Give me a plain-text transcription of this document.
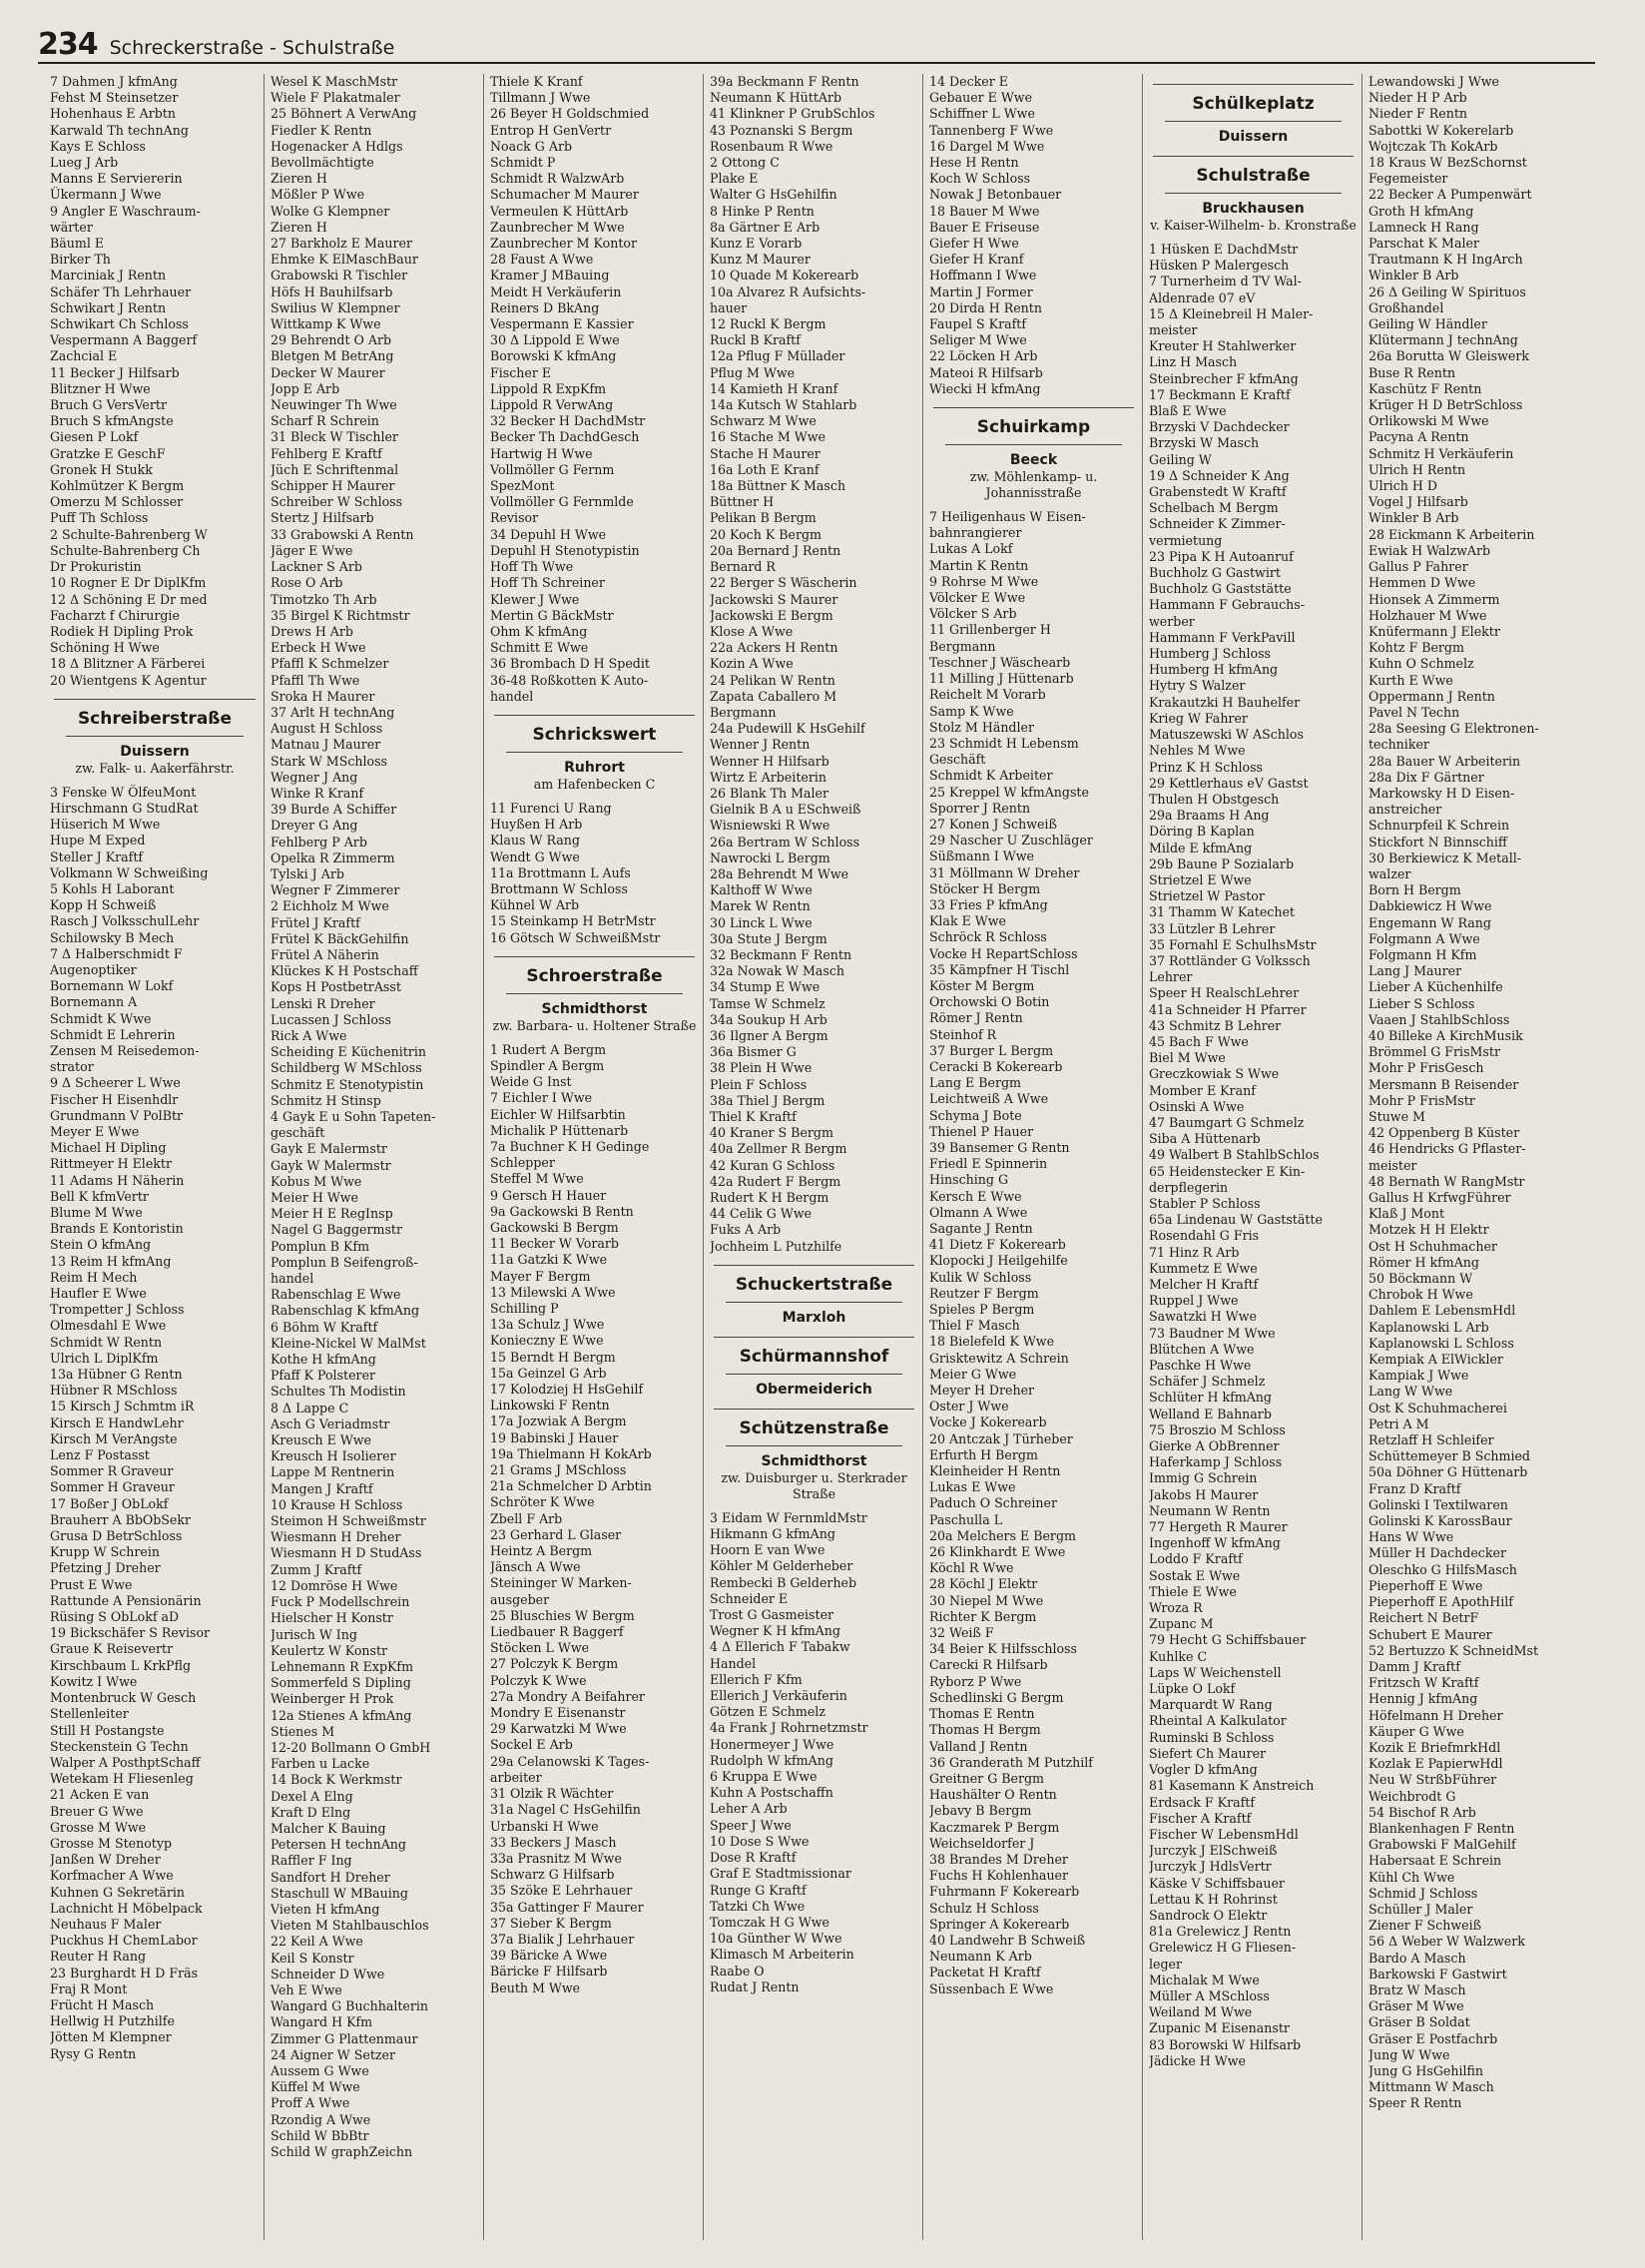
234 Schreckerstraße - Schulstraße
7 Dahmen J kfmAng
Fehst M Steinsetzer
Hohenhaus E Arbtn
Karwald Th technAng
Kays E Schloss
Lueg J Arb
Manns E Serviererin
Ükermann J Wwe
9 Angler E Waschraum-
wärter
Bäuml E
Birker Th
Marciniak J Rentn
Schäfer Th Lehrhauer
Schwikart J Rentn
Schwikart Ch Schloss
Vespermann A Baggerf
Zachcial E
11 Becker J Hilfsarb
Blitzner H Wwe
Bruch G VersVertr
Bruch S kfmAngste
Giesen P Lokf
Gratzke E GeschF
Gronek H Stukk
Kohlmützer K Bergm
Omerzu M Schlosser
Puff Th Schloss
2 Schulte-Bahrenberg W
Schulte-Bahrenberg Ch
Dr Prokuristin
10 Rogner E Dr DiplKfm
12 Δ Schöning E Dr med
Facharzt f Chirurgie
Rodiek H Dipling Prok
Schöning H Wwe
18 Δ Blitzner A Färberei
20 Wientgens K Agentur
Schreiberstraße
Duissern
zw. Falk- u. Aakerfährstr.
3 Fenske W ÖlfeuMont
Hirschmann G StudRat
Hüserich M Wwe
Hupe M Exped
Steller J Kraftf
Volkmann W Schweißing
5 Kohls H Laborant
Kopp H Schweiß
Rasch J VolksschulLehr
Schilowsky B Mech
7 Δ Halberschmidt F
Augenoptiker
Bornemann W Lokf
Bornemann A
Schmidt K Wwe
Schmidt E Lehrerin
Zensen M Reisedemon-
strator
9 Δ Scheerer L Wwe
Fischer H Eisenhdlr
Grundmann V PolBtr
Meyer E Wwe
Michael H Dipling
Rittmeyer H Elektr
11 Adams H Näherin
Bell K kfmVertr
Blume M Wwe
Brands E Kontoristin
Stein O kfmAng
13 Reim H kfmAng
Reim H Mech
Haufler E Wwe
Trompetter J Schloss
Olmesdahl E Wwe
Schmidt W Rentn
Ulrich L DiplKfm
13a Hübner G Rentn
Hübner R MSchloss
15 Kirsch J Schmtm iR
Kirsch E HandwLehr
Kirsch M VerAngste
Lenz F Postasst
Sommer R Graveur
Sommer H Graveur
17 Boßer J ObLokf
Brauherr A BbObSekr
Grusa D BetrSchloss
Krupp W Schrein
Pfetzing J Dreher
Prust E Wwe
Rattunde A Pensionärin
Rüsing S ObLokf aD
19 Bickschäfer S Revisor
Graue K Reisevertr
Kirschbaum L KrkPflg
Kowitz I Wwe
Montenbruck W Gesch
Stellenleiter
Still H Postangste
Steckenstein G Techn
Walper A PosthptSchaff
Wetekam H Fliesenleg
21 Acken E van
Breuer G Wwe
Grosse M Wwe
Grosse M Stenotyp
Janßen W Dreher
Korfmacher A Wwe
Kuhnen G Sekretärin
Lachnicht H Möbelpack
Neuhaus F Maler
Puckhus H ChemLabor
Reuter H Rang
23 Burghardt H D Fräs
Fraj R Mont
Frücht H Masch
Hellwig H Putzhilfe
Jötten M Klempner
Rysy G Rentn
Wesel K MaschMstr
Wiele F Plakatmaler
25 Böhnert A VerwAng
Fiedler K Rentn
Hogenacker A Hdlgs
Bevollmächtigte
Zieren H
Mößler P Wwe
Wolke G Klempner
Zieren H
27 Barkholz E Maurer
Ehmke K ElMaschBaur
Grabowski R Tischler
Höfs H Bauhilfsarb
Swilius W Klempner
Wittkamp K Wwe
29 Behrendt O Arb
Bletgen M BetrAng
Decker W Maurer
Jopp E Arb
Neuwinger Th Wwe
Scharf R Schrein
31 Bleck W Tischler
Fehlberg E Kraftf
Jüch E Schriftenmal
Schipper H Maurer
Schreiber W Schloss
Stertz J Hilfsarb
33 Grabowski A Rentn
Jäger E Wwe
Lackner S Arb
Rose O Arb
Timotzko Th Arb
35 Birgel K Richtmstr
Drews H Arb
Erbeck H Wwe
Pfaffl K Schmelzer
Pfaffl Th Wwe
Sroka H Maurer
37 Arlt H technAng
August H Schloss
Matnau J Maurer
Stark W MSchloss
Wegner J Ang
Winke R Kranf
39 Burde A Schiffer
Dreyer G Ang
Fehlberg P Arb
Opelka R Zimmerm
Tylski J Arb
Wegner F Zimmerer
2 Eichholz M Wwe
Frütel J Kraftf
Frütel K BäckGehilfin
Frütel A Näherin
Klückes K H Postschaff
Kops H PostbetrAsst
Lenski R Dreher
Lucassen J Schloss
Rick A Wwe
Scheiding E Küchenitrin
Schildberg W MSchloss
Schmitz E Stenotypistin
Schmitz H Stinsp
4 Gayk E u Sohn Tapeten-
geschäft
Gayk E Malermstr
Gayk W Malermstr
Kobus M Wwe
Meier H Wwe
Meier H E RegInsp
Nagel G Baggermstr
Pomplun B Kfm
Pomplun B Seifengroß-
handel
Rabenschlag E Wwe
Rabenschlag K kfmAng
6 Böhm W Kraftf
Kleine-Nickel W MalMst
Kothe H kfmAng
Pfaff K Polsterer
Schultes Th Modistin
8 Δ Lappe C
Asch G Veriadmstr
Kreusch E Wwe
Kreusch H Isolierer
Lappe M Rentnerin
Mangen J Kraftf
10 Krause H Schloss
Steimon H Schweißmstr
Wiesmann H Dreher
Wiesmann H D StudAss
Zumm J Kraftf
12 Domröse H Wwe
Fuck P Modellschrein
Hielscher H Konstr
Jurisch W Ing
Keulertz W Konstr
Lehnemann R ExpKfm
Sommerfeld S Dipling
Weinberger H Prok
12a Stienes A kfmAng
Stienes M
12-20 Bollmann O GmbH
Farben u Lacke
14 Bock K Werkmstr
Dexel A Elng
Kraft D Elng
Malcher K Bauing
Petersen H technAng
Raffler F Ing
Sandfort H Dreher
Staschull W MBauing
Vieten H kfmAng
Vieten M Stahlbauschlos
22 Keil A Wwe
Keil S Konstr
Schneider D Wwe
Veh E Wwe
Wangard G Buchhalterin
Wangard H Kfm
Zimmer G Plattenmaur
24 Aigner W Setzer
Aussem G Wwe
Küffel M Wwe
Proff A Wwe
Rzondig A Wwe
Schild W BbBtr
Schild W graphZeichn
Thiele K Kranf
Tillmann J Wwe
26 Beyer H Goldschmied
Entrop H GenVertr
Noack G Arb
Schmidt P
Schmidt R WalzwArb
Schumacher M Maurer
Vermeulen K HüttArb
Zaunbrecher M Wwe
Zaunbrecher M Kontor
28 Faust A Wwe
Kramer J MBauing
Meidt H Verkäuferin
Reiners D BkAng
Vespermann E Kassier
30 Δ Lippold E Wwe
Borowski K kfmAng
Fischer E
Lippold R ExpKfm
Lippold R VerwAng
32 Becker H DachdMstr
Becker Th DachdGesch
Hartwig H Wwe
Vollmöller G Fernm
SpezMont
Vollmöller G Fernmlde
Revisor
34 Depuhl H Wwe
Depuhl H Stenotypistin
Hoff Th Wwe
Hoff Th Schreiner
Klewer J Wwe
Mertin G BäckMstr
Ohm K kfmAng
Schmitt E Wwe
36 Brombach D H Spedit
36-48 Roßkotten K Auto-
handel
Schrickswert
Ruhrort
am Hafenbecken C
11 Furenci U Rang
Huyßen H Arb
Klaus W Rang
Wendt G Wwe
11a Brottmann L Aufs
Brottmann W Schloss
Kühnel W Arb
15 Steinkamp H BetrMstr
16 Götsch W SchweißMstr
Schroerstraße
Schmidthorst
zw. Barbara- u. Holtener Straße
1 Rudert A Bergm
Spindler A Bergm
Weide G Inst
7 Eichler I Wwe
Eichler W Hilfsarbtin
Michalik P Hüttenarb
7a Buchner K H Gedinge
Schlepper
Steffel M Wwe
9 Gersch H Hauer
9a Gackowski B Rentn
Gackowski B Bergm
11 Becker W Vorarb
11a Gatzki K Wwe
Mayer F Bergm
13 Milewski A Wwe
Schilling P
13a Schulz J Wwe
Konieczny E Wwe
15 Berndt H Bergm
15a Geinzel G Arb
17 Kolodziej H HsGehilf
Linkowski F Rentn
17a Jozwiak A Bergm
19 Babinski J Hauer
19a Thielmann H KokArb
21 Grams J MSchloss
21a Schmelcher D Arbtin
Schröter K Wwe
Zbell F Arb
23 Gerhard L Glaser
Heintz A Bergm
Jänsch A Wwe
Steininger W Marken-
ausgeber
25 Bluschies W Bergm
Liedbauer R Baggerf
Stöcken L Wwe
27 Polczyk K Bergm
Polczyk K Wwe
27a Mondry A Beifahrer
Mondry E Eisenanstr
29 Karwatzki M Wwe
Sockel E Arb
29a Celanowski K Tages-
arbeiter
31 Olzik R Wächter
31a Nagel C HsGehilfin
Urbanski H Wwe
33 Beckers J Masch
33a Prasnitz M Wwe
Schwarz G Hilfsarb
35 Szöke E Lehrhauer
35a Gattinger F Maurer
37 Sieber K Bergm
37a Bialik J Lehrhauer
39 Bäricke A Wwe
Bäricke F Hilfsarb
Beuth M Wwe
39a Beckmann F Rentn
Neumann K HüttArb
41 Klinkner P GrubSchlos
43 Poznanski S Bergm
Rosenbaum R Wwe
2 Ottong C
Plake E
Walter G HsGehilfin
8 Hinke P Rentn
8a Gärtner E Arb
Kunz E Vorarb
Kunz M Maurer
10 Quade M Kokerearb
10a Alvarez R Aufsichts-
hauer
12 Ruckl K Bergm
Ruckl B Kraftf
12a Pflug F Müllader
Pflug M Wwe
14 Kamieth H Kranf
14a Kutsch W Stahlarb
Schwarz M Wwe
16 Stache M Wwe
Stache H Maurer
16a Loth E Kranf
18a Büttner K Masch
Büttner H
Pelikan B Bergm
20 Koch K Bergm
20a Bernard J Rentn
Bernard R
22 Berger S Wäscherin
Jackowski S Maurer
Jackowski E Bergm
Klose A Wwe
22a Ackers H Rentn
Kozin A Wwe
24 Pelikan W Rentn
Zapata Caballero M
Bergmann
24a Pudewill K HsGehilf
Wenner J Rentn
Wenner H Hilfsarb
Wirtz E Arbeiterin
26 Blank Th Maler
Gielnik B A u ESchweiß
Wisniewski R Wwe
26a Bertram W Schloss
Nawrocki L Bergm
28a Behrendt M Wwe
Kalthoff W Wwe
Marek W Rentn
30 Linck L Wwe
30a Stute J Bergm
32 Beckmann F Rentn
32a Nowak W Masch
34 Stump E Wwe
Tamse W Schmelz
34a Soukup H Arb
36 Ilgner A Bergm
36a Bismer G
38 Plein H Wwe
Plein F Schloss
38a Thiel J Bergm
Thiel K Kraftf
40 Kraner S Bergm
40a Zellmer R Bergm
42 Kuran G Schloss
42a Rudert F Bergm
Rudert K H Bergm
44 Celik G Wwe
Fuks A Arb
Jochheim L Putzhilfe
Schuckertstraße
Marxloh
Schürmannshof
Obermeiderich
Schützenstraße
Schmidthorst
zw. Duisburger u. Sterkrader Straße
3 Eidam W FernmldMstr
Hikmann G kfmAng
Hoorn E van Wwe
Köhler M Gelderheber
Rembecki B Gelderheb
Schneider E
Trost G Gasmeister
Wegner K H kfmAng
4 Δ Ellerich F Tabakw
Handel
Ellerich F Kfm
Ellerich J Verkäuferin
Götzen E Schmelz
4a Frank J Rohrnetzmstr
Honermeyer J Wwe
Rudolph W kfmAng
6 Kruppa E Wwe
Kuhn A Postschaffn
Leher A Arb
Speer J Wwe
10 Dose S Wwe
Dose R Kraftf
Graf E Stadtmissionar
Runge G Kraftf
Tatzki Ch Wwe
Tomczak H G Wwe
10a Günther W Wwe
Klimasch M Arbeiterin
Raabe O
Rudat J Rentn
14 Decker E
Gebauer E Wwe
Schiffner L Wwe
Tannenberg F Wwe
16 Dargel M Wwe
Hese H Rentn
Koch W Schloss
Nowak J Betonbauer
18 Bauer M Wwe
Bauer E Friseuse
Giefer H Wwe
Giefer H Kranf
Hoffmann I Wwe
Martin J Former
20 Dirda H Rentn
Faupel S Kraftf
Seliger M Wwe
22 Löcken H Arb
Mateoi R Hilfsarb
Wiecki H kfmAng
Schuirkamp
Beeck
zw. Möhlenkamp- u. Johannisstraße
7 Heiligenhaus W Eisen-
bahnrangierer
Lukas A Lokf
Martin K Rentn
9 Rohrse M Wwe
Völcker E Wwe
Völcker S Arb
11 Grillenberger H
Bergmann
Teschner J Wäschearb
11 Milling J Hüttenarb
Reichelt M Vorarb
Samp K Wwe
Stolz M Händler
23 Schmidt H Lebensm
Geschäft
Schmidt K Arbeiter
25 Kreppel W kfmAngste
Sporrer J Rentn
27 Konen J Schweiß
29 Nascher U Zuschläger
Süßmann I Wwe
31 Möllmann W Dreher
Stöcker H Bergm
33 Fries P kfmAng
Klak E Wwe
Schröck R Schloss
Vocke H RepartSchloss
35 Kämpfner H Tischl
Köster M Bergm
Orchowski O Botin
Römer J Rentn
Steinhof R
37 Burger L Bergm
Ceracki B Kokerearb
Lang E Bergm
Leichtweiß A Wwe
Schyma J Bote
Thienel P Hauer
39 Bansemer G Rentn
Friedl E Spinnerin
Hinsching G
Kersch E Wwe
Olmann A Wwe
Sagante J Rentn
41 Dietz F Kokerearb
Klopocki J Heilgehilfe
Kulik W Schloss
Reutzer F Bergm
Spieles P Bergm
Thiel F Masch
18 Bielefeld K Wwe
Grisktewitz A Schrein
Meier G Wwe
Meyer H Dreher
Oster J Wwe
Vocke J Kokerearb
20 Antczak J Türheber
Erfurth H Bergm
Kleinheider H Rentn
Lukas E Wwe
Paduch O Schreiner
Paschulla L
20a Melchers E Bergm
26 Klinkhardt E Wwe
Köchl R Wwe
28 Köchl J Elektr
30 Niepel M Wwe
Richter K Bergm
32 Weiß F
34 Beier K Hilfsschloss
Carecki R Hilfsarb
Ryborz P Wwe
Schedlinski G Bergm
Thomas E Rentn
Thomas H Bergm
Valland J Rentn
36 Granderath M Putzhilf
Greitner G Bergm
Haushälter O Rentn
Jebavy B Bergm
Kaczmarek P Bergm
Weichseldorfer J
38 Brandes M Dreher
Fuchs H Kohlenhauer
Fuhrmann F Kokerearb
Schulz H Schloss
Springer A Kokerearb
40 Landwehr B Schweiß
Neumann K Arb
Packetat H Kraftf
Süssenbach E Wwe
Schülkeplatz
Duissern
Schulstraße
Bruckhausen
v. Kaiser-Wilhelm- b. Kronstraße
1 Hüsken E DachdMstr
Hüsken P Malergesch
7 Turnerheim d TV Wal-
Aldenrade 07 eV
15 Δ Kleinebreil H Maler-
meister
Kreuter H Stahlwerker
Linz H Masch
Steinbrecher F kfmAng
17 Beckmann E Kraftf
Blaß E Wwe
Brzyski V Dachdecker
Brzyski W Masch
Geiling W
19 Δ Schneider K Ang
Grabenstedt W Kraftf
Schelbach M Bergm
Schneider K Zimmer-
vermietung
23 Pipa K H Autoanruf
Buchholz G Gastwirt
Buchholz G Gaststätte
Hammann F Gebrauchs-
werber
Hammann F VerkPavill
Humberg J Schloss
Humberg H kfmAng
Hytry S Walzer
Krakautzki H Bauhelfer
Krieg W Fahrer
Matuszewski W ASchlos
Nehles M Wwe
Prinz K H Schloss
29 Kettlerhaus eV Gastst
Thulen H Obstgesch
29a Braams H Ang
Döring B Kaplan
Milde E kfmAng
29b Baune P Sozialarb
Strietzel E Wwe
Strietzel W Pastor
31 Thamm W Katechet
33 Lützler B Lehrer
35 Fornahl E SchulhsMstr
37 Rottländer G Volkssch
Lehrer
Speer H RealschLehrer
41a Schneider H Pfarrer
43 Schmitz B Lehrer
45 Bach F Wwe
Biel M Wwe
Greczkowiak S Wwe
Momber E Kranf
Osinski A Wwe
47 Baumgart G Schmelz
Siba A Hüttenarb
49 Walbert B StahlbSchlos
65 Heidenstecker E Kin-
derpflegerin
Stabler P Schloss
65a Lindenau W Gaststätte
Rosendahl G Fris
71 Hinz R Arb
Kummetz E Wwe
Melcher H Kraftf
Ruppel J Wwe
Sawatzki H Wwe
73 Baudner M Wwe
Blütchen A Wwe
Paschke H Wwe
Schäfer J Schmelz
Schlüter H kfmAng
Welland E Bahnarb
75 Broszio M Schloss
Gierke A ObBrenner
Haferkamp J Schloss
Immig G Schrein
Jakobs H Maurer
Neumann W Rentn
77 Hergeth R Maurer
Ingenhoff W kfmAng
Loddo F Kraftf
Sostak E Wwe
Thiele E Wwe
Wroza R
Zupanc M
79 Hecht G Schiffsbauer
Kuhlke C
Laps W Weichenstell
Lüpke O Lokf
Marquardt W Rang
Rheintal A Kalkulator
Ruminski B Schloss
Siefert Ch Maurer
Vogler D kfmAng
81 Kasemann K Anstreich
Erdsack F Kraftf
Fischer A Kraftf
Fischer W LebensmHdl
Jurczyk J ElSchweiß
Jurczyk J HdlsVertr
Käske V Schiffsbauer
Lettau K H Rohrinst
Sandrock O Elektr
81a Grelewicz J Rentn
Grelewicz H G Fliesen-
leger
Michalak M Wwe
Müller A MSchloss
Weiland M Wwe
Zupanic M Eisenanstr
83 Borowski W Hilfsarb
Jädicke H Wwe
Lewandowski J Wwe
Nieder H P Arb
Nieder F Rentn
Sabottki W Kokerelarb
Wojtczak Th KokArb
18 Kraus W BezSchornst
Fegemeister
22 Becker A Pumpenwärt
Groth H kfmAng
Lamneck H Rang
Parschat K Maler
Trautmann K H IngArch
Winkler B Arb
26 Δ Geiling W Spirituos
Großhandel
Geiling W Händler
Klütermann J technAng
26a Borutta W Gleiswerk
Buse R Rentn
Kaschütz F Rentn
Krüger H D BetrSchloss
Orlikowski M Wwe
Pacyna A Rentn
Schmitz H Verkäuferin
Ulrich H Rentn
Ulrich H D
Vogel J Hilfsarb
Winkler B Arb
28 Eickmann K Arbeiterin
Ewiak H WalzwArb
Gallus P Fahrer
Hemmen D Wwe
Hionsek A Zimmerm
Holzhauer M Wwe
Knüfermann J Elektr
Kohtz F Bergm
Kuhn O Schmelz
Kurth E Wwe
Oppermann J Rentn
Pavel N Techn
28a Seesing G Elektronen-
techniker
28a Bauer W Arbeiterin
28a Dix F Gärtner
Markowsky H D Eisen-
anstreicher
Schnurpfeil K Schrein
Stickfort N Binnschiff
30 Berkiewicz K Metall-
walzer
Born H Bergm
Dabkiewicz H Wwe
Engemann W Rang
Folgmann A Wwe
Folgmann H Kfm
Lang J Maurer
Lieber A Küchenhilfe
Lieber S Schloss
Vaaen J StahlbSchloss
40 Billeke A KirchMusik
Brömmel G FrisMstr
Mohr P FrisGesch
Mersmann B Reisender
Mohr P FrisMstr
Stuwe M
42 Oppenberg B Küster
46 Hendricks G Pflaster-
meister
48 Bernath W RangMstr
Gallus H KrfwgFührer
Klaß J Mont
Motzek H H Elektr
Ost H Schuhmacher
Römer H kfmAng
50 Böckmann W
Chrobok H Wwe
Dahlem E LebensmHdl
Kaplanowski L Arb
Kaplanowski L Schloss
Kempiak A ElWickler
Kampiak J Wwe
Lang W Wwe
Ost K Schuhmacherei
Petri A M
Retzlaff H Schleifer
Schüttemeyer B Schmied
50a Döhner G Hüttenarb
Franz D Kraftf
Golinski I Textilwaren
Golinski K KarossBaur
Hans W Wwe
Müller H Dachdecker
Oleschko G HilfsMasch
Pieperhoff E Wwe
Pieperhoff E ApothHilf
Reichert N BetrF
Schubert E Maurer
52 Bertuzzo K SchneidMst
Damm J Kraftf
Fritzsch W Kraftf
Hennig J kfmAng
Höfelmann H Dreher
Käuper G Wwe
Kozik E BriefmrkHdl
Kozlak E PapierwHdl
Neu W StrßbFührer
Weichbrodt G
54 Bischof R Arb
Blankenhagen F Rentn
Grabowski F MalGehilf
Habersaat E Schrein
Kühl Ch Wwe
Schmid J Schloss
Schüller J Maler
Ziener F Schweiß
56 Δ Weber W Walzwerk
Bardo A Masch
Barkowski F Gastwirt
Bratz W Masch
Gräser M Wwe
Gräser B Soldat
Gräser E Postfachrb
Jung W Wwe
Jung G HsGehilfin
Mittmann W Masch
Speer R Rentn
